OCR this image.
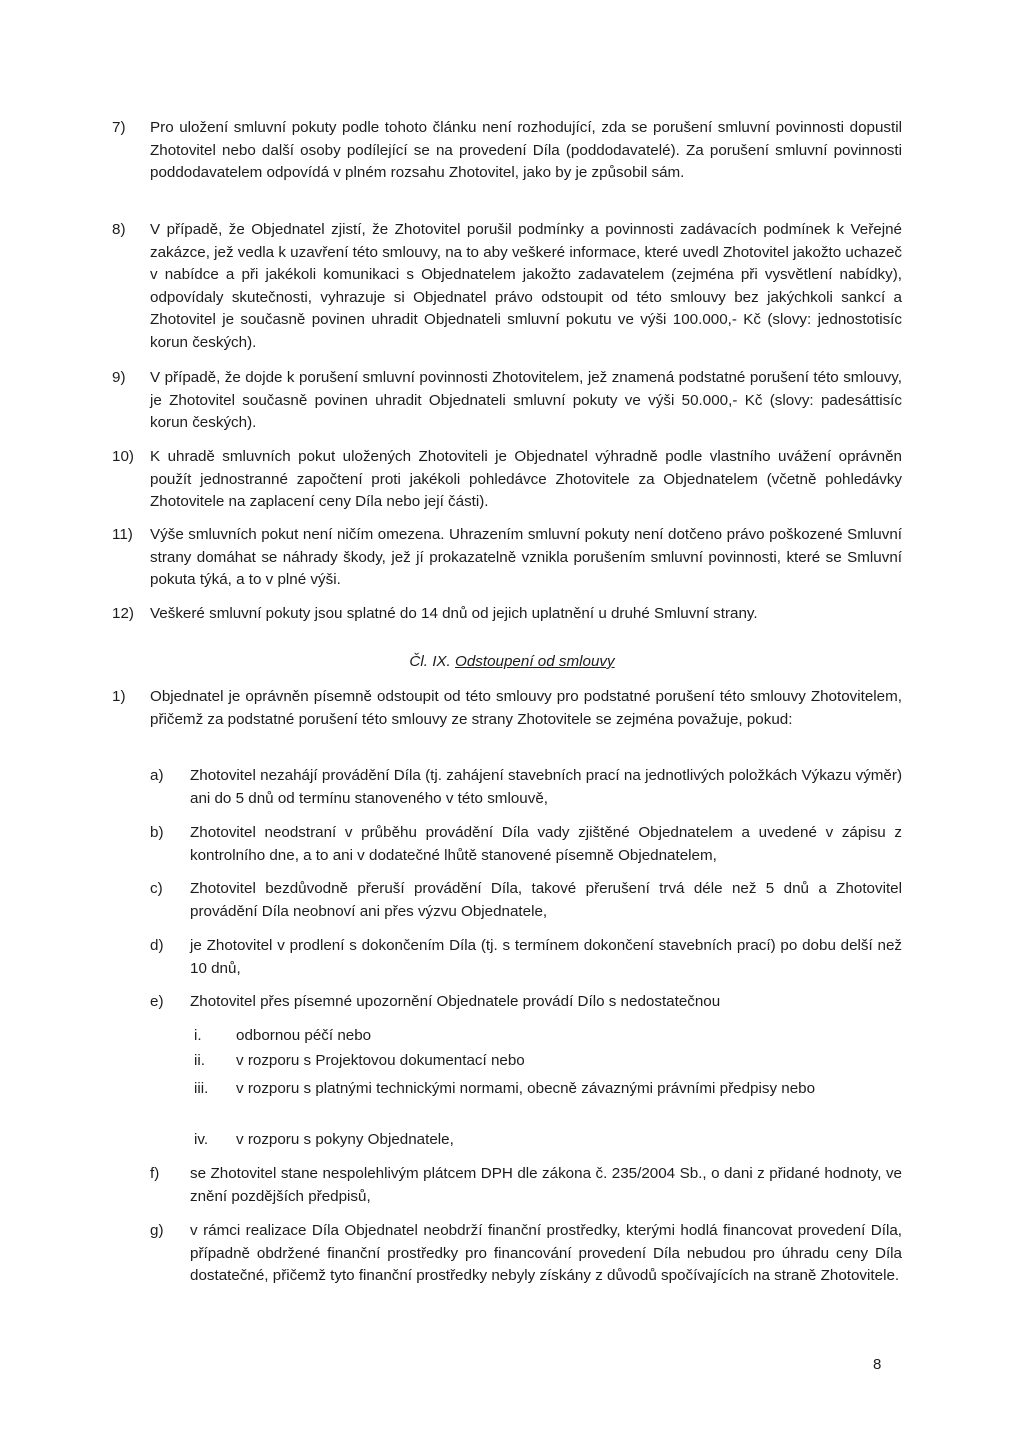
7) Pro uložení smluvní pokuty podle tohoto článku není rozhodující, zda se porušení smluvní povinnosti dopustil Zhotovitel nebo další osoby podílející se na provedení Díla (poddodavatelé). Za porušení smluvní povinnosti poddodavatelem odpovídá v plném rozsahu Zhotovitel, jako by je způsobil sám.
8) V případě, že Objednatel zjistí, že Zhotovitel porušil podmínky a povinnosti zadávacích podmínek k Veřejné zakázce, jež vedla k uzavření této smlouvy, na to aby veškeré informace, které uvedl Zhotovitel jakožto uchazeč v nabídce a při jakékoli komunikaci s Objednatelem jakožto zadavatelem (zejména při vysvětlení nabídky), odpovídaly skutečnosti, vyhrazuje si Objednatel právo odstoupit od této smlouvy bez jakýchkoli sankcí a Zhotovitel je současně povinen uhradit Objednateli smluvní pokutu ve výši 100.000,- Kč (slovy: jednostotisíc korun českých).
9) V případě, že dojde k porušení smluvní povinnosti Zhotovitelem, jež znamená podstatné porušení této smlouvy, je Zhotovitel současně povinen uhradit Objednateli smluvní pokuty ve výši 50.000,- Kč (slovy: padesáttisíc korun českých).
10) K uhradě smluvních pokut uložených Zhotoviteli je Objednatel výhradně podle vlastního uvážení oprávněn použít jednostranné započtení proti jakékoli pohledávce Zhotovitele za Objednatelem (včetně pohledávky Zhotovitele na zaplacení ceny Díla nebo její části).
11) Výše smluvních pokut není ničím omezena. Uhrazením smluvní pokuty není dotčeno právo poškozené Smluvní strany domáhat se náhrady škody, jež jí prokazatelně vznikla porušením smluvní povinnosti, které se Smluvní pokuta týká, a to v plné výši.
12) Veškeré smluvní pokuty jsou splatné do 14 dnů od jejich uplatnění u druhé Smluvní strany.
Čl. IX. Odstoupení od smlouvy
1) Objednatel je oprávněn písemně odstoupit od této smlouvy pro podstatné porušení této smlouvy Zhotovitelem, přičemž za podstatné porušení této smlouvy ze strany Zhotovitele se zejména považuje, pokud:
a) Zhotovitel nezahájí provádění Díla (tj. zahájení stavebních prací na jednotlivých položkách Výkazu výměr) ani do 5 dnů od termínu stanoveného v této smlouvě,
b) Zhotovitel neodstraní v průběhu provádění Díla vady zjištěné Objednatelem a uvedené v zápisu z kontrolního dne, a to ani v dodatečné lhůtě stanovené písemně Objednatelem,
c) Zhotovitel bezdůvodně přeruší provádění Díla, takové přerušení trvá déle než 5 dnů a Zhotovitel provádění Díla neobnoví ani přes výzvu Objednatele,
d) je Zhotovitel v prodlení s dokončením Díla (tj. s termínem dokončení stavebních prací) po dobu delší než 10 dnů,
e) Zhotovitel přes písemné upozornění Objednatele provádí Dílo s nedostatečnou
i. odbornou péčí nebo
ii. v rozporu s Projektovou dokumentací nebo
iii. v rozporu s platnými technickými normami, obecně závaznými právními předpisy nebo
iv. v rozporu s pokyny Objednatele,
f) se Zhotovitel stane nespolehlivým plátcem DPH dle zákona č. 235/2004 Sb., o dani z přidané hodnoty, ve znění pozdějších předpisů,
g) v rámci realizace Díla Objednatel neobdrží finanční prostředky, kterými hodlá financovat provedení Díla, případně obdržené finanční prostředky pro financování provedení Díla nebudou pro úhradu ceny Díla dostatečné, přičemž tyto finanční prostředky nebyly získány z důvodů spočívajících na straně Zhotovitele.
8
